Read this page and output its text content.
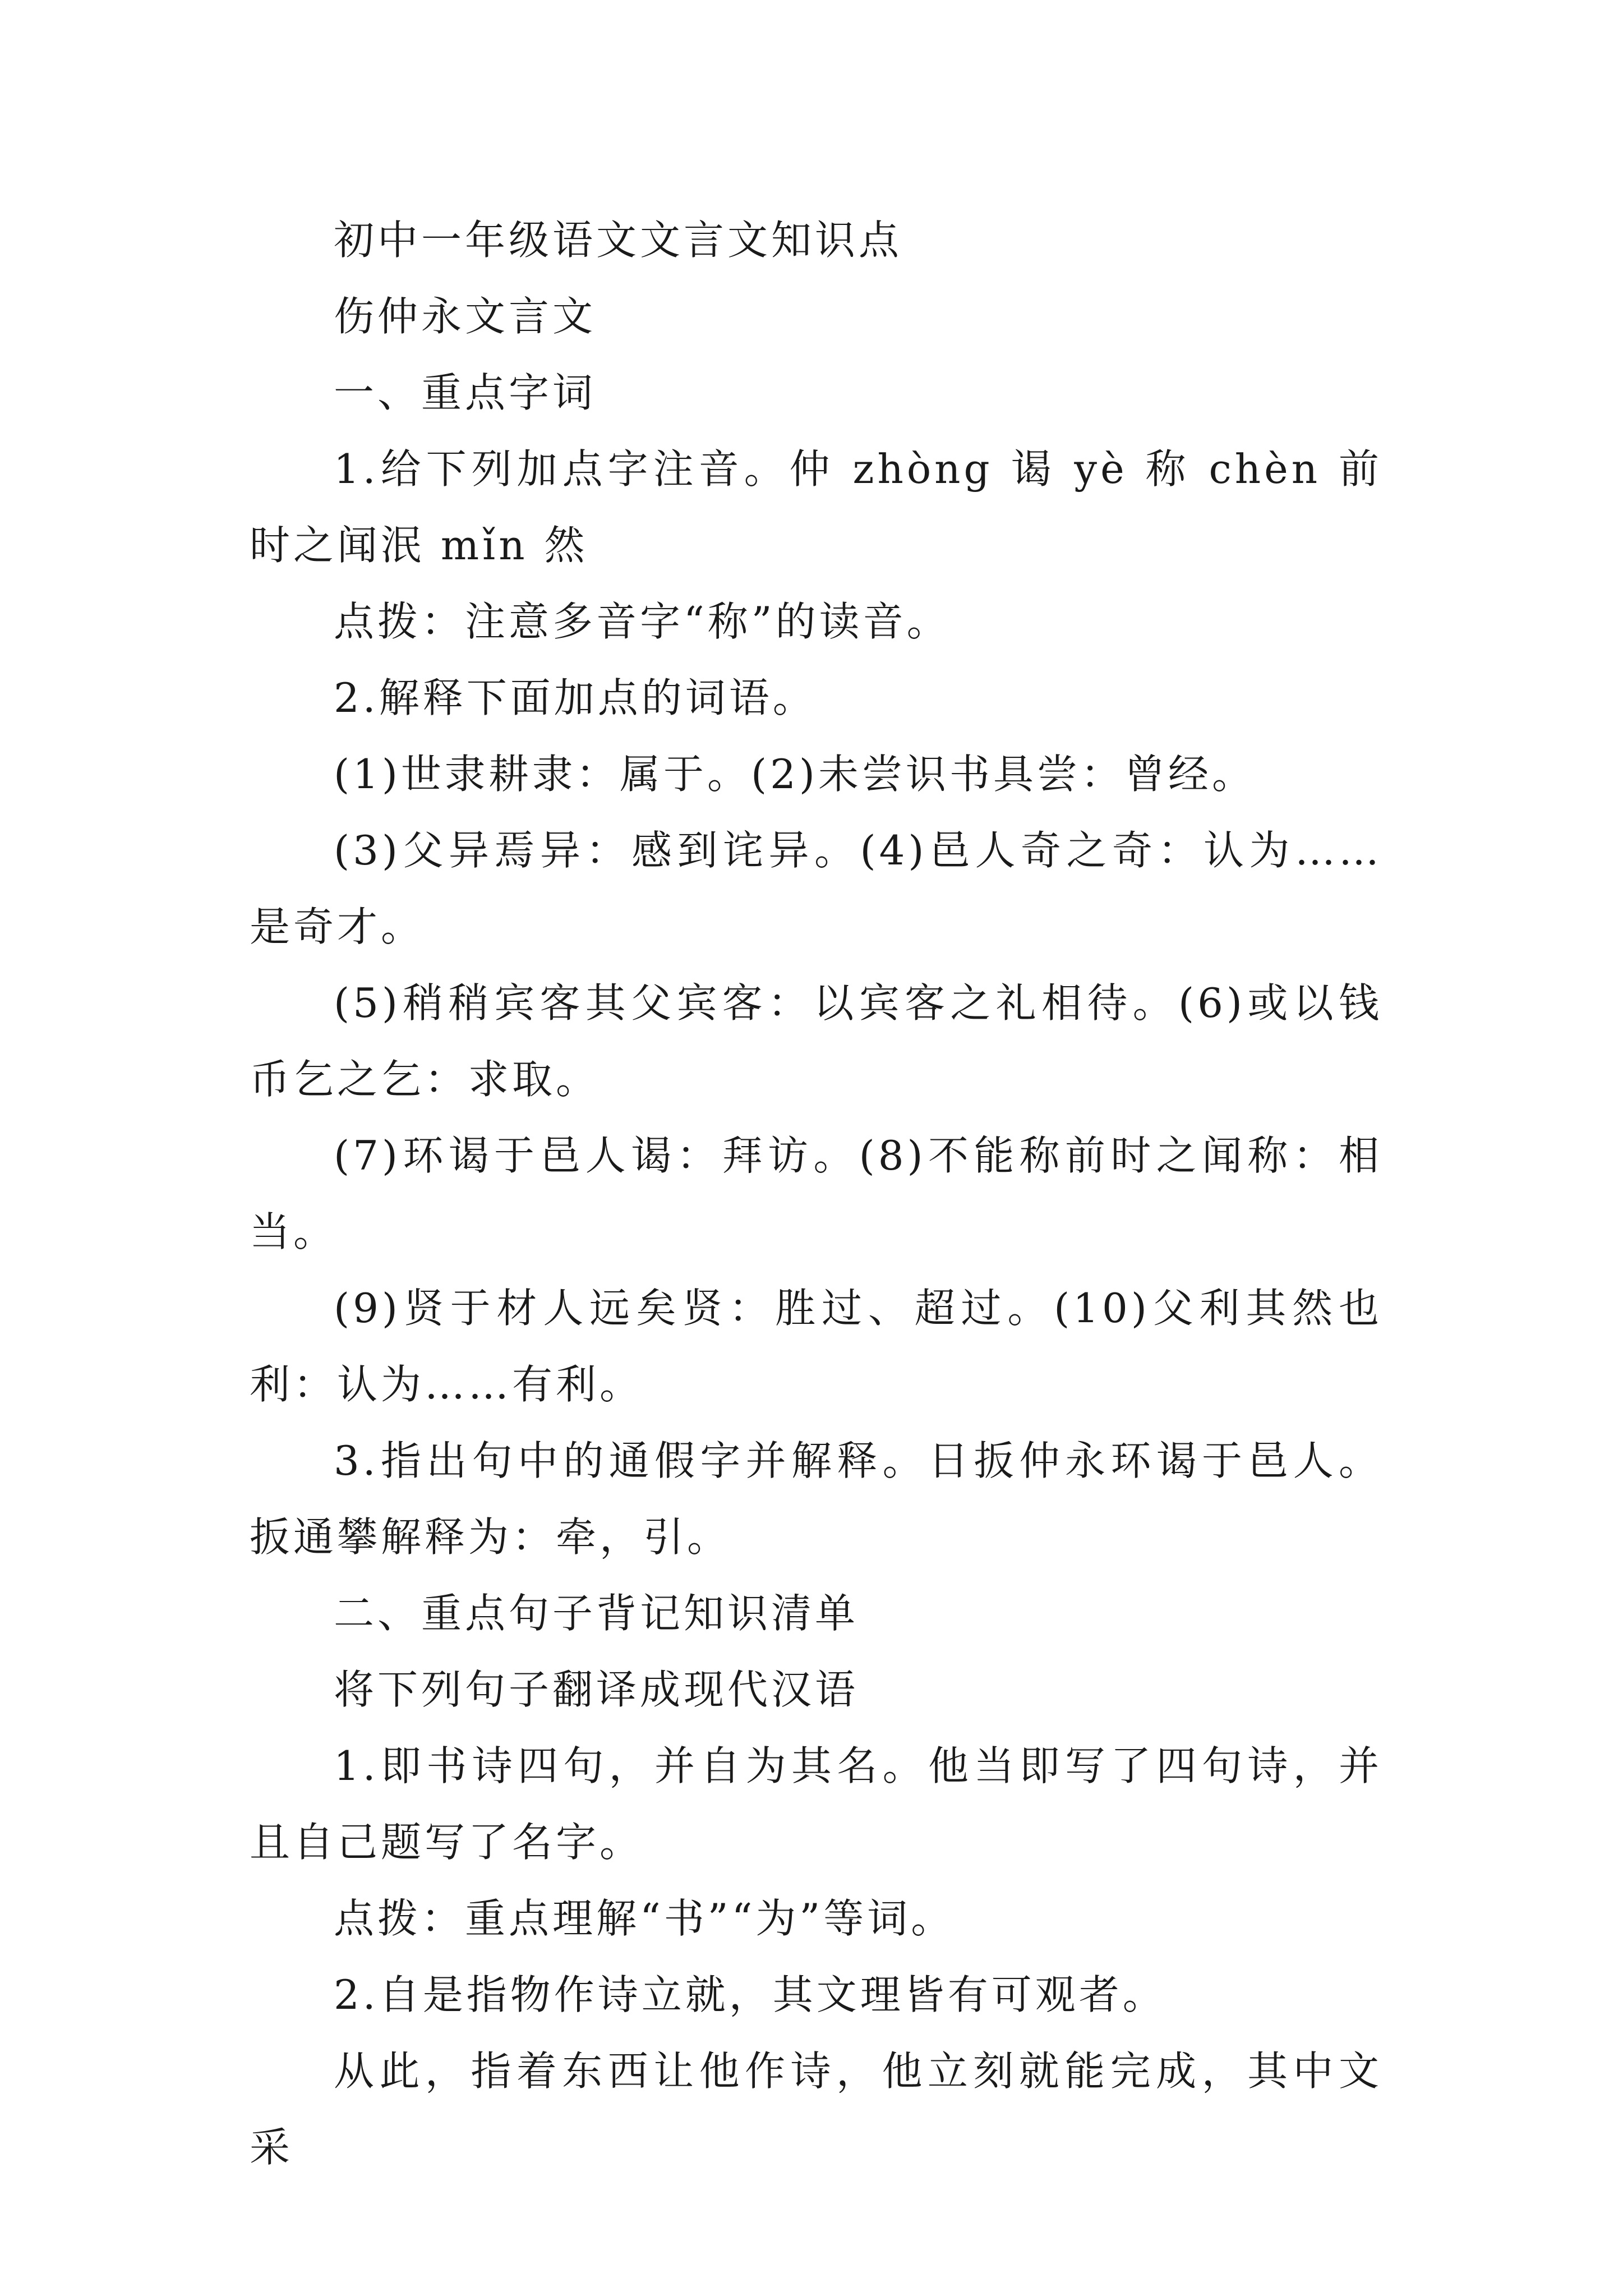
初中一年级语文文言文知识点

伤仲永文言文

一、重点字词

1.给下列加点字注音。仲 zhòng 谒 yè 称 chèn 前时之闻泯 mǐn 然

点拨：注意多音字“称”的读音。

2.解释下面加点的词语。

(1)世隶耕隶：属于。(2)未尝识书具尝：曾经。

(3)父异焉异：感到诧异。(4)邑人奇之奇：认为……是奇才。

(5)稍稍宾客其父宾客：以宾客之礼相待。(6)或以钱币乞之乞：求取。

(7)环谒于邑人谒：拜访。(8)不能称前时之闻称：相当。

(9)贤于材人远矣贤：胜过、超过。(10)父利其然也利：认为……有利。

3.指出句中的通假字并解释。日扳仲永环谒于邑人。扳通攀解释为：牵，引。

二、重点句子背记知识清单

将下列句子翻译成现代汉语

1.即书诗四句，并自为其名。他当即写了四句诗，并且自己题写了名字。

点拨：重点理解“书”“为”等词。

2.自是指物作诗立就，其文理皆有可观者。

从此，指着东西让他作诗，他立刻就能完成，其中文采
